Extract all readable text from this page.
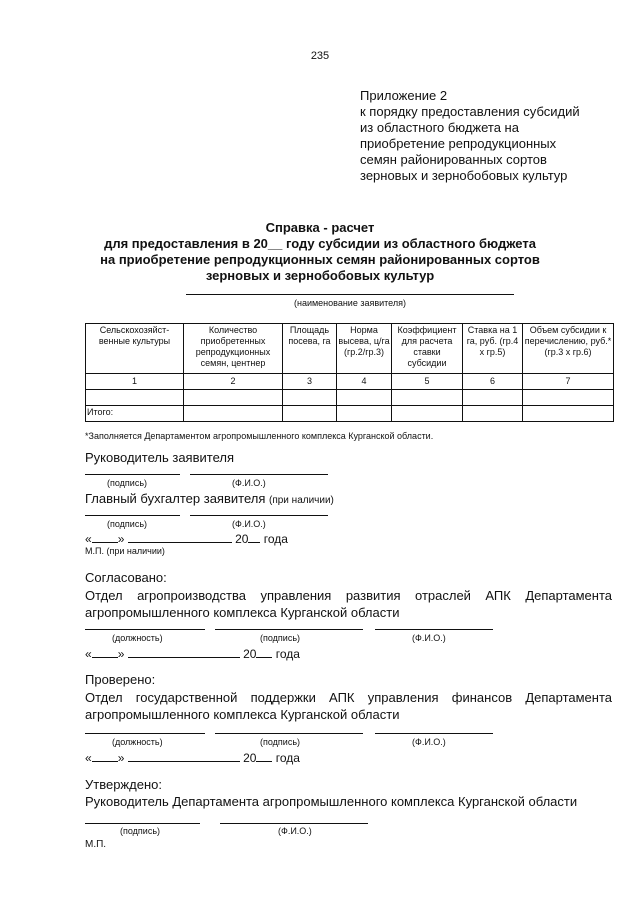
235
Приложение 2
к порядку предоставления субсидий
из областного бюджета на
приобретение репродукционных
семян районированных сортов
зерновых и зернобобовых культур
Справка - расчет
для предоставления в 20__ году субсидии из областного бюджета
на приобретение репродукционных семян районированных сортов
зерновых и зернобобовых культур
(наименование заявителя)
Сельскохозяйст-венные культуры	Количество приобретенных репродукционных семян, центнер	Площадь посева, га	Норма высева, ц/га (гр.2/гр.3)	Коэффициент для расчета ставки субсидии	Ставка на 1 га, руб. (гр.4 х гр.5)	Объем субсидии к перечислению, руб.* (гр.3 х гр.6)
1	2	3	4	5	6	7

Итого:						
*Заполняется Департаментом агропромышленного комплекса Курганской области.
Руководитель заявителя
(подпись)	(Ф.И.О.)
Главный бухгалтер заявителя (при наличии)
(подпись)	(Ф.И.О.)
« »	20 года
М.П. (при наличии)
Согласовано:
Отдел агропроизводства управления развития отраслей АПК Департамента агропромышленного комплекса Курганской области
(должность)	(подпись)	(Ф.И.О.)
« »	20 года
Проверено:
Отдел государственной поддержки АПК управления финансов Департамента агропромышленного комплекса Курганской области
(должность)	(подпись)	(Ф.И.О.)
« »	20 года
Утверждено:
Руководитель Департамента агропромышленного комплекса Курганской области
(подпись)	(Ф.И.О.)
М.П.
